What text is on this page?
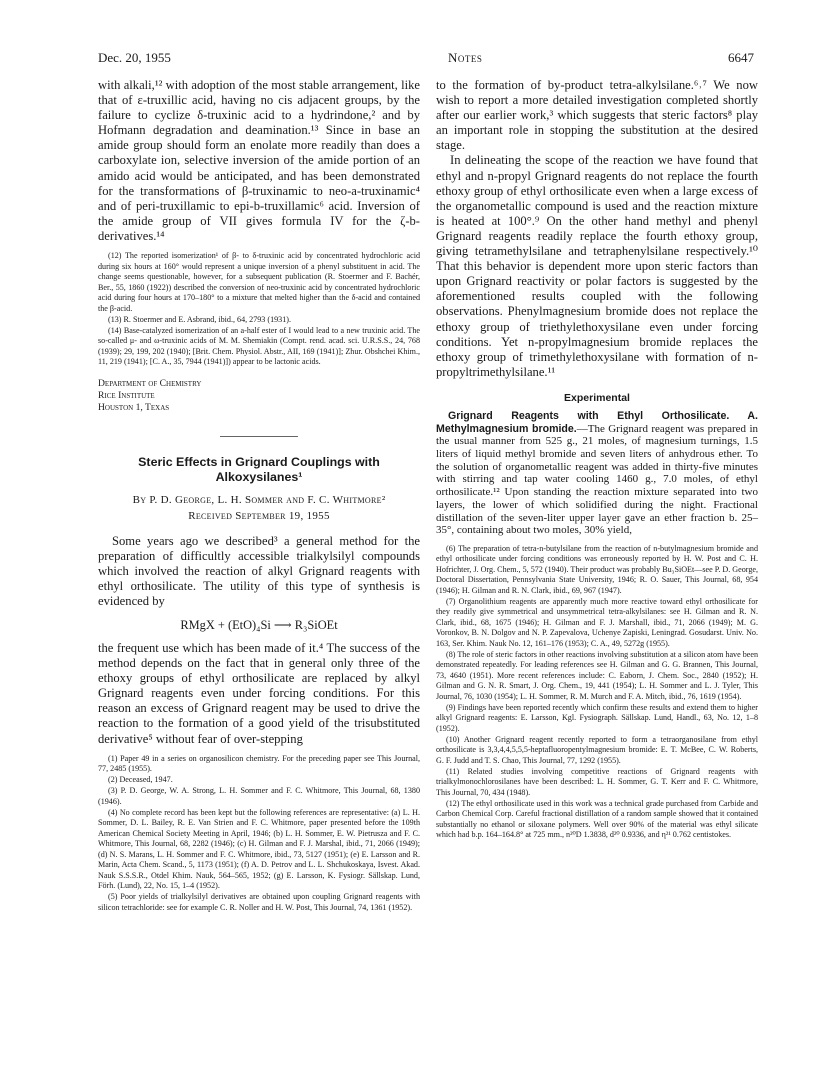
Dec. 20, 1955	Notes	6647

with alkali,¹² with adoption of the most stable arrangement, like that of ε-truxillic acid, having no cis adjacent groups, by the failure to cyclize δ-truxinic acid to a hydrindone,² and by Hofmann degradation and deamination.¹³ Since in base an amide group should form an enolate more readily than does a carboxylate ion, selective inversion of the amide portion of an amido acid would be anticipated, and has been demonstrated for the transformations of β-truxinamic to neo-a-truxinamic⁴ and of peri-truxillamic to epi-b-truxillamic⁶ acid. Inversion of the amide group of VII gives formula IV for the ζ-b-derivatives.¹⁴

(12) The reported isomerization¹ of β- to δ-truxinic acid by concentrated hydrochloric acid during six hours at 160° would represent a unique inversion of a phenyl substituent in acid. The change seems questionable, however, for a subsequent publication (R. Stoermer and F. Bachér, Ber., 55, 1860 (1922)) described the conversion of neo-truxinic acid by concentrated hydrochloric acid during four hours at 170–180° to a mixture that melted higher than the δ-acid and contained the β-acid.

(13) R. Stoermer and E. Asbrand, ibid., 64, 2793 (1931).

(14) Base-catalyzed isomerization of an a-half ester of I would lead to a new truxinic acid. The so-called μ- and ω-truxinic acids of M. M. Shemiakin (Compt. rend. acad. sci. U.R.S.S., 24, 768 (1939); 29, 199, 202 (1940); [Brit. Chem. Physiol. Abstr., AII, 169 (1941)]; Zhur. Obshchei Khim., 11, 219 (1941); [C. A., 35, 7944 (1941)]) appear to be lactonic acids.

Department of Chemistry
Rice Institute
Houston 1, Texas

Steric Effects in Grignard Couplings with Alkoxysilanes¹

By P. D. George, L. H. Sommer and F. C. Whitmore²

Received September 19, 1955

Some years ago we described³ a general method for the preparation of difficultly accessible trialkylsilyl compounds which involved the reaction of alkyl Grignard reagents with ethyl orthosilicate. The utility of this type of synthesis is evidenced by

RMgX + (EtO)₄Si ⟶ R₃SiOEt

the frequent use which has been made of it.⁴ The success of the method depends on the fact that in general only three of the ethoxy groups of ethyl orthosilicate are replaced by alkyl Grignard reagents even under forcing conditions. For this reason an excess of Grignard reagent may be used to drive the reaction to the formation of a good yield of the trisubstituted derivative⁵ without fear of over-stepping

(1) Paper 49 in a series on organosilicon chemistry. For the preceding paper see This Journal, 77, 2485 (1955).

(2) Deceased, 1947.

(3) P. D. George, W. A. Strong, L. H. Sommer and F. C. Whitmore, This Journal, 68, 1380 (1946).

(4) No complete record has been kept but the following references are representative: (a) L. H. Sommer, D. L. Bailey, R. E. Van Strien and F. C. Whitmore, paper presented before the 109th American Chemical Society Meeting in April, 1946; (b) L. H. Sommer, E. W. Pietrusza and F. C. Whitmore, This Journal, 68, 2282 (1946); (c) H. Gilman and F. J. Marshal, ibid., 71, 2066 (1949); (d) N. S. Marans, L. H. Sommer and F. C. Whitmore, ibid., 73, 5127 (1951); (e) E. Larsson and R. Marin, Acta Chem. Scand., 5, 1173 (1951); (f) A. D. Petrov and L. L. Shchukoskaya, Isvest. Akad. Nauk S.S.S.R., Otdel Khim. Nauk, 564–565, 1952; (g) E. Larsson, K. Fysiogr. Sällskap. Lund, Förh. (Lund), 22, No. 15, 1–4 (1952).

(5) Poor yields of trialkylsilyl derivatives are obtained upon coupling Grignard reagents with silicon tetrachloride: see for example C. R. Noller and H. W. Post, This Journal, 74, 1361 (1952).

to the formation of by-product tetra-alkylsilane.⁶˒⁷ We now wish to report a more detailed investigation completed shortly after our earlier work,³ which suggests that steric factors⁸ play an important role in stopping the substitution at the desired stage.

In delineating the scope of the reaction we have found that ethyl and n-propyl Grignard reagents do not replace the fourth ethoxy group of ethyl orthosilicate even when a large excess of the organometallic compound is used and the reaction mixture is heated at 100°.⁹ On the other hand methyl and phenyl Grignard reagents readily replace the fourth ethoxy group, giving tetramethylsilane and tetraphenylsilane respectively.¹⁰ That this behavior is dependent more upon steric factors than upon Grignard reactivity or polar factors is suggested by the aforementioned results coupled with the following observations. Phenylmagnesium bromide does not replace the ethoxy group of triethylethoxysilane even under forcing conditions. Yet n-propylmagnesium bromide replaces the ethoxy group of trimethylethoxysilane with formation of n-propyltrimethylsilane.¹¹

Experimental

Grignard Reagents with Ethyl Orthosilicate. A. Methylmagnesium bromide.—The Grignard reagent was prepared in the usual manner from 525 g., 21 moles, of magnesium turnings, 1.5 liters of liquid methyl bromide and seven liters of anhydrous ether. To the solution of organometallic reagent was added in thirty-five minutes with stirring and tap water cooling 1460 g., 7.0 moles, of ethyl orthosilicate.¹² Upon standing the reaction mixture separated into two layers, the lower of which solidified during the night. Fractional distillation of the seven-liter upper layer gave an ether fraction b. 25–35°, containing about two moles, 30% yield,

(6) The preparation of tetra-n-butylsilane from the reaction of n-butylmagnesium bromide and ethyl orthosilicate under forcing conditions was erroneously reported by H. W. Post and C. H. Hofrichter, J. Org. Chem., 5, 572 (1940). Their product was probably Bu₃SiOEt—see P. D. George, Doctoral Dissertation, Pennsylvania State University, 1946; R. O. Sauer, This Journal, 68, 954 (1946); H. Gilman and R. N. Clark, ibid., 69, 967 (1947).

(7) Organolithium reagents are apparently much more reactive toward ethyl orthosilicate for they readily give symmetrical and unsymmetrical tetra-alkylsilanes: see H. Gilman and R. N. Clark, ibid., 68, 1675 (1946); H. Gilman and F. J. Marshall, ibid., 71, 2066 (1949); M. G. Voronkov, B. N. Dolgov and N. P. Zapevalova, Uchenye Zapiski, Leningrad. Gosudarst. Univ. No. 163, Ser. Khim. Nauk No. 12, 161–176 (1953); C. A., 49, 5272g (1955).

(8) The role of steric factors in other reactions involving substitution at a silicon atom have been demonstrated repeatedly. For leading references see H. Gilman and G. G. Brannen, This Journal, 73, 4640 (1951). More recent references include: C. Eaborn, J. Chem. Soc., 2840 (1952); H. Gilman and G. N. R. Smart, J. Org. Chem., 19, 441 (1954); L. H. Sommer and L. J. Tyler, This Journal, 76, 1030 (1954); L. H. Sommer, R. M. Murch and F. A. Mitch, ibid., 76, 1619 (1954).

(9) Findings have been reported recently which confirm these results and extend them to higher alkyl Grignard reagents: E. Larsson, Kgl. Fysiograph. Sällskap. Lund, Handl., 63, No. 12, 1–8 (1952).

(10) Another Grignard reagent recently reported to form a tetraorganosilane from ethyl orthosilicate is 3,3,4,4,5,5,5-heptafluoropentylmagnesium bromide: E. T. McBee, C. W. Roberts, G. F. Judd and T. S. Chao, This Journal, 77, 1292 (1955).

(11) Related studies involving competitive reactions of Grignard reagents with trialkylmonochlorosilanes have been described: L. H. Sommer, G. T. Kerr and F. C. Whitmore, This Journal, 70, 434 (1948).

(12) The ethyl orthosilicate used in this work was a technical grade purchased from Carbide and Carbon Chemical Corp. Careful fractional distillation of a random sample showed that it contained substantially no ethanol or siloxane polymers. Well over 90% of the material was ethyl silicate which had b.p. 164–164.8° at 725 mm., n²⁰D 1.3838, d²⁰ 0.9336, and η²¹ 0.762 centistokes.
